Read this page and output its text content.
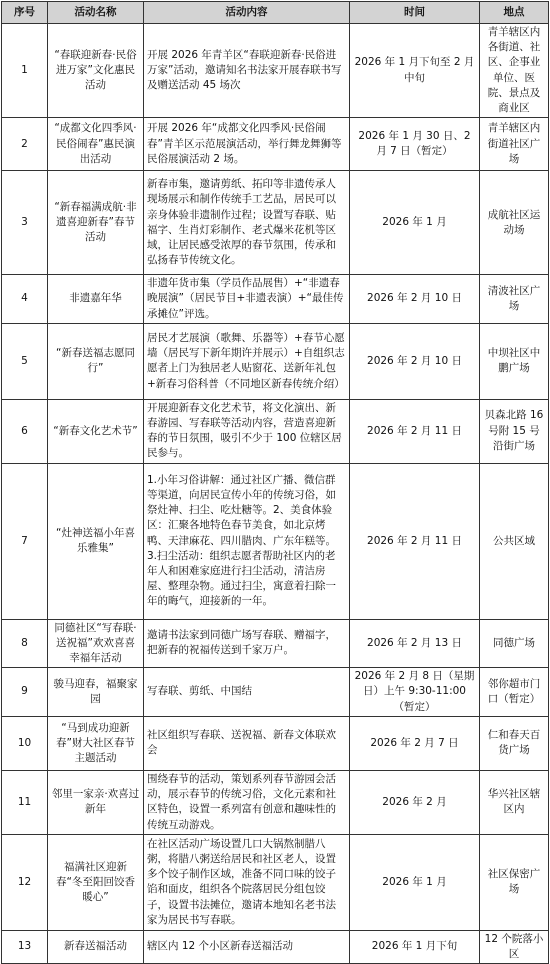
序号	活动名称	活动内容	时间	地点
1	“春联迎新春·民俗进万家”文化惠民活动	开展 2026 年青羊区“春联迎新春·民俗进万家”活动，邀请知名书法家开展春联书写及赠送活动 45 场次	2026 年 1 月下旬至 2 月中旬	青羊辖区内各街道、社区、企事业单位、医院、景点及商业区
2	“成都文化四季风·民俗闹春”惠民演出活动	开展 2026 年“成都文化四季风·民俗闹春”青羊区示范展演活动，举行舞龙舞狮等民俗展演活动 2 场。	2026 年 1 月 30 日、2 月 7 日（暂定）	青羊辖区内街道社区广场
3	“新春福满成航·非遗喜迎新春”春节活动	新春市集，邀请剪纸、拓印等非遗传承人现场展示和制作传统手工艺品，居民可以亲身体验非遗制作过程；设置写春联、贴福字、生肖灯彩制作、老式爆米花机等区域，让居民感受浓厚的春节氛围，传承和弘扬春节传统文化。	2026 年 1 月	成航社区运动场
4	非遗嘉年华	非遗年货市集（学员作品展售）+“非遗春晚展演”（居民节目+非遗表演）+“最佳传承摊位”评选。	2026 年 2 月 10 日	清波社区广场
5	“新春送福志愿同行”	居民才艺展演（歌舞、乐器等）+春节心愿墙（居民写下新年期许并展示）+自组织志愿者上门为独居老人贴窗花、送新年礼包+新春习俗科普（不同地区新春传统介绍）	2026 年 2 月 10 日	中坝社区中鹏广场
6	“新春文化艺术节”	开展迎新春文化艺术节，将文化演出、新春游园、写春联等活动内容，营造喜迎新春的节日氛围，吸引不少于 100 位辖区居民参与。	2026 年 2 月 11 日	贝森北路 16 号附 15 号沿街广场
7	“灶神送福小年喜乐雅集”	1.小年习俗讲解：通过社区广播、微信群等渠道，向居民宣传小年的传统习俗，如祭灶神、扫尘、吃灶糖等。2、美食体验区：汇聚各地特色春节美食，如北京烤鸭、天津麻花、四川腊肉、广东年糕等。
3.扫尘活动：组织志愿者帮助社区内的老年人和困难家庭进行扫尘活动，清洁房屋、整理杂物。通过扫尘，寓意着扫除一年的晦气，迎接新的一年。	2026 年 2 月 11 日	公共区域
8	同德社区“写春联·送祝福”欢欢喜喜幸福年活动	邀请书法家到同德广场写春联、赠福字，把新春的祝福传送到千家万户。	2026 年 2 月 13 日	同德广场
9	骏马迎春，福聚家园	写春联、剪纸、中国结	2026 年 2 月 8 日（星期日）上午 9:30-11:00（暂定）	邻你超市门口（暂定）
10	“马到成功迎新春”财大社区春节主题活动	社区组织写春联、送祝福、新春文体联欢会	2026 年 2 月 7 日	仁和春天百货广场
11	邻里一家亲·欢喜过新年	围绕春节的活动，策划系列春节游园会活动，展示春节的传统习俗，文化元素和社区特色，设置一系列富有创意和趣味性的传统互动游戏。	2026 年 2 月	华兴社区辖区内
12	福满社区迎新春“冬至阳回饺香暖心”	在社区活动广场设置几口大锅熬制腊八粥，将腊八粥送给居民和社区老人，设置多个饺子制作区域，准备不同口味的饺子馅和面皮，组织各个院落居民分组包饺子，设置书法摊位，邀请本地知名老书法家为居民书写春联。	2026 年 1 月	社区保密广场
13	新春送福活动	辖区内 12 个小区新春送福活动	2026 年 1 月下旬	12 个院落小区
